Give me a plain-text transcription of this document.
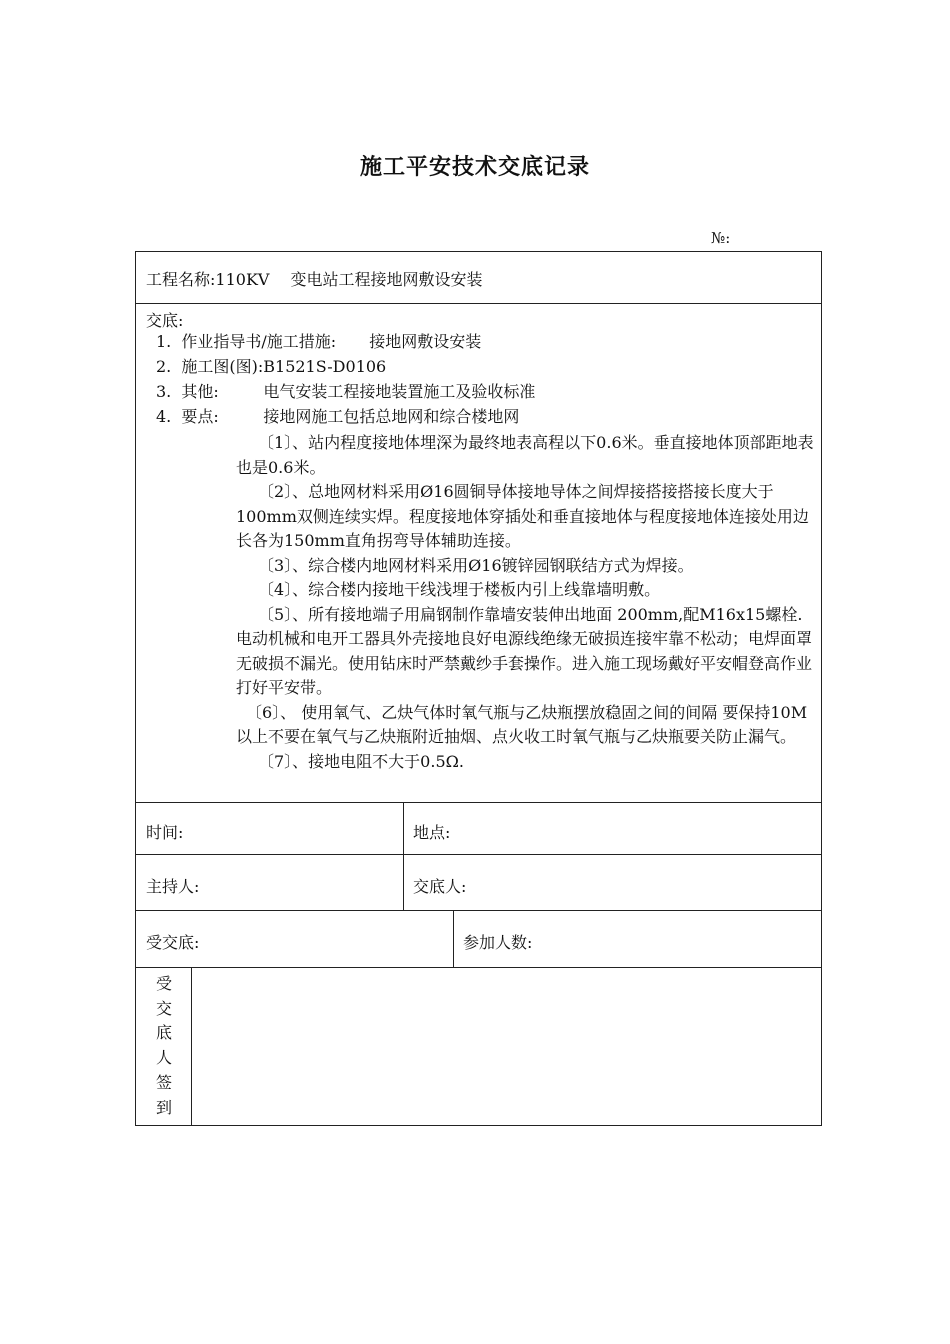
施工平安技术交底记录
№:
工程名称:110KV　 变电站工程接地网敷设安装
交底:
1. 作业指导书/施工措施: 接地网敷设安装
2. 施工图(图):B1521S-D0106
3. 其他:	电气安装工程接地装置施工及验收标准
4. 要点:	接地网施工包括总地网和综合楼地网

〔1〕、站内程度接地体埋深为最终地表高程以下0.6米。垂直接地体顶部距地表也是0.6米。

〔2〕、总地网材料采用Ø16圆铜导体接地导体之间焊接搭接搭接长度大于100mm双侧连续实焊。程度接地体穿插处和垂直接地体与程度接地体连接处用边长各为150mm直角拐弯导体辅助连接。

〔3〕、综合楼内地网材料采用Ø16镀锌园钢联结方式为焊接。

〔4〕、综合楼内接地干线浅埋于楼板内引上线靠墙明敷。

〔5〕、所有接地端子用扁钢制作靠墙安装伸出地面 200mm,配M16x15螺栓. 电动机械和电开工器具外壳接地良好电源线绝缘无破损连接牢靠不松动；电焊面罩无破损不漏光。使用钻床时严禁戴纱手套操作。进入施工现场戴好平安帽登高作业打好平安带。

〔6〕、 使用氧气、乙炔气体时氧气瓶与乙炔瓶摆放稳固之间的间隔 要保持10M以上不要在氧气与乙炔瓶附近抽烟、点火收工时氧气瓶与乙炔瓶要关防止漏气。

〔7〕、接地电阻不大于0.5Ω.

时间:	地点:
主持人:	交底人:
受交底:	参加人数:
受
交
底
人
签
到
